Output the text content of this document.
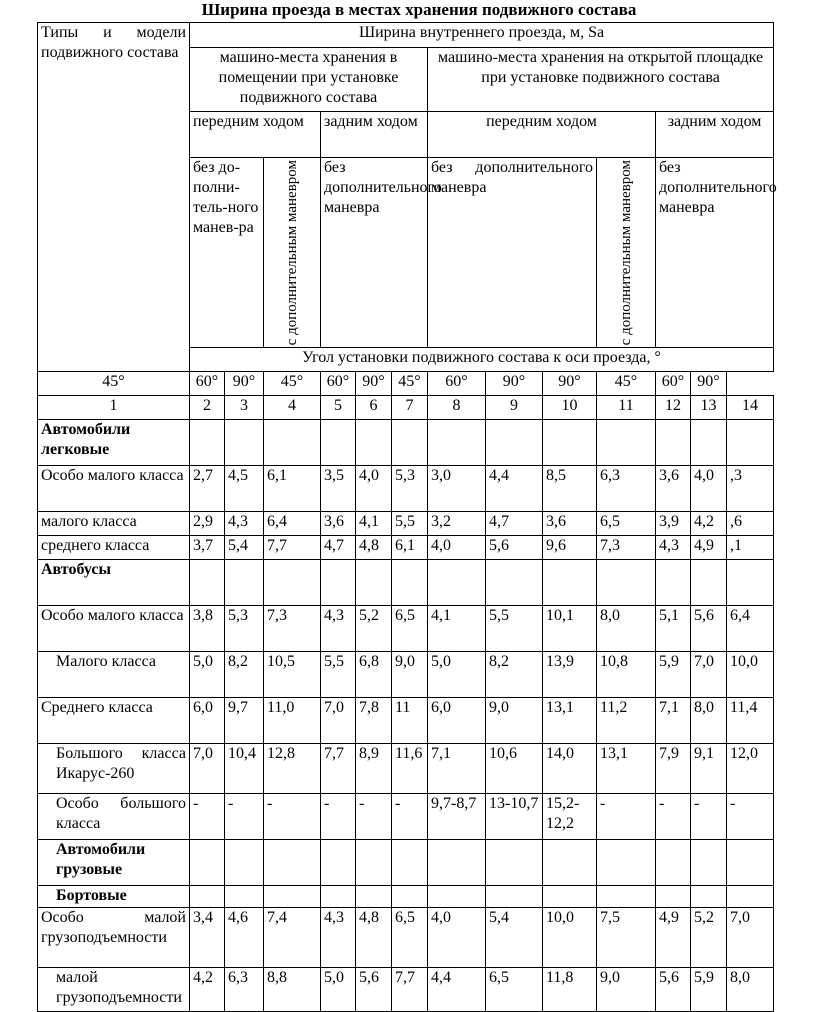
Ширина проезда в местах хранения подвижного состава
Типы и модели подвижного состава	Ширина внутреннего проезда, м, Sa												
	машино-места хранения в помещении при установке подвижного состава						машино-места хранения на открытой площадке при установке подвижного состава						
	передним ходом			задним ходом			передним ходом				задним ходом		
	без до-полни-тель-ного манев-ра		с дополнительным маневром	без дополнительного маневра			без дополнительного маневра			с дополнительным маневром	без дополнительного маневра		
	Угол установки подвижного состава к оси проезда, °												
45°	60°	90°	45°	60°	90°	45°	60°	90°	90°	45°	60°	90°	
1	2	3	4	5	6	7	8	9	10	11	12	13	14
Автомобили легковые													
Особо малого класса	2,7	4,5	6,1	3,5	4,0	5,3	3,0	4,4	8,5	6,3	3,6	4,0	,3
малого класса	2,9	4,3	6,4	3,6	4,1	5,5	3,2	4,7	3,6	6,5	3,9	4,2	,6
среднего класса	3,7	5,4	7,7	4,7	4,8	6,1	4,0	5,6	9,6	7,3	4,3	4,9	,1
Автобусы													
Особо малого класса	3,8	5,3	7,3	4,3	5,2	6,5	4,1	5,5	10,1	8,0	5,1	5,6	6,4
Малого класса	5,0	8,2	10,5	5,5	6,8	9,0	5,0	8,2	13,9	10,8	5,9	7,0	10,0
Среднего класса	6,0	9,7	11,0	7,0	7,8	11	6,0	9,0	13,1	11,2	7,1	8,0	11,4
Большого класса Икарус-260	7,0	10,4	12,8	7,7	8,9	11,6	7,1	10,6	14,0	13,1	7,9	9,1	12,0
Особо большого класса	-	-	-	-	-	-	9,7-8,7	13-10,7	15,2-12,2	-	-	-	-
Автомобили грузовые													
Бортовые													
Особо малой грузоподъемности	3,4	4,6	7,4	4,3	4,8	6,5	4,0	5,4	10,0	7,5	4,9	5,2	7,0
малой грузоподъемности	4,2	6,3	8,8	5,0	5,6	7,7	4,4	6,5	11,8	9,0	5,6	5,9	8,0
